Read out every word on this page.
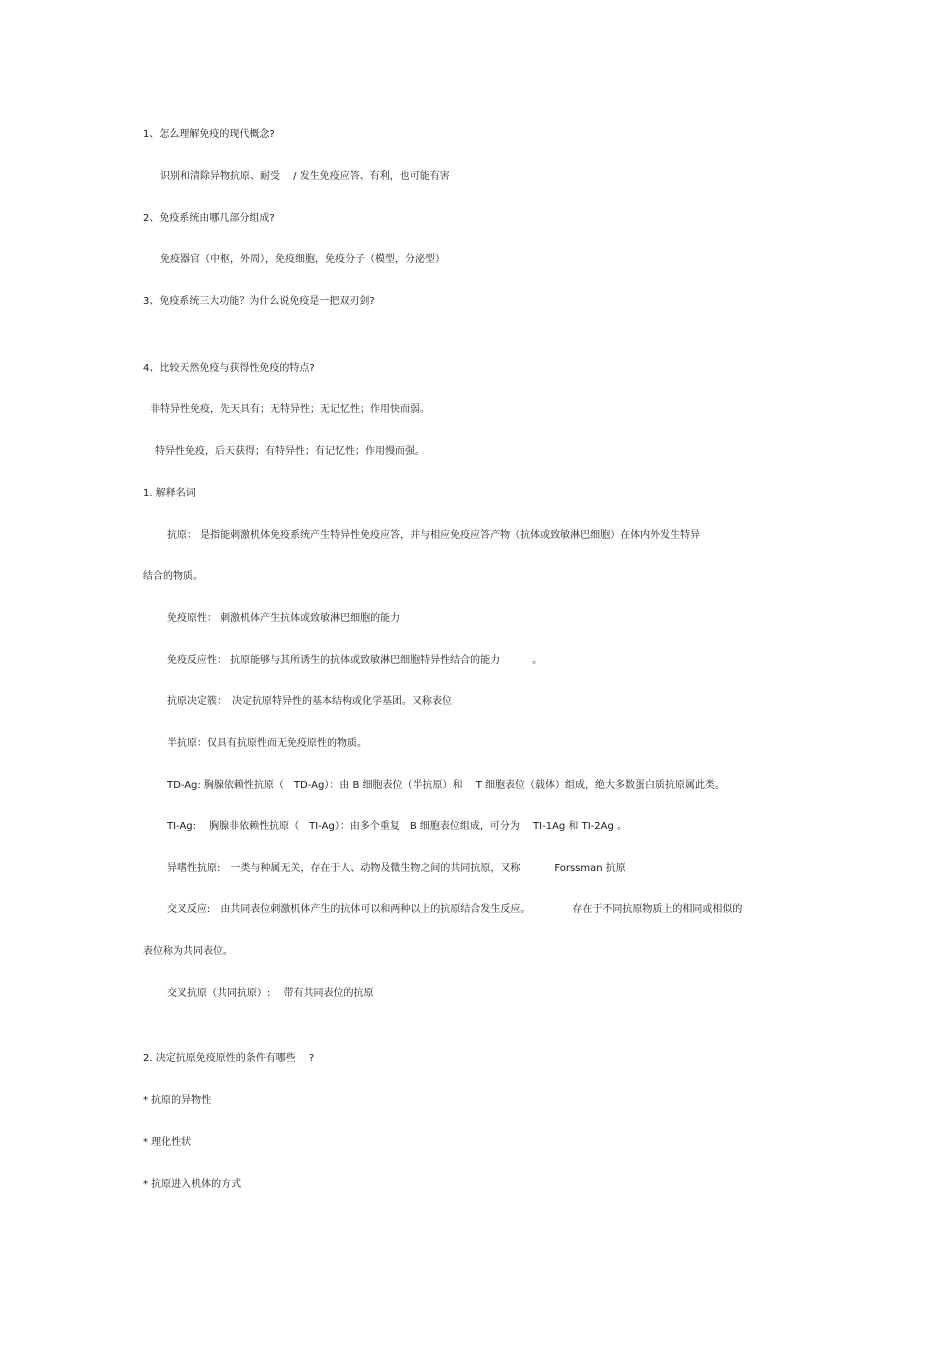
1、怎么理解免疫的现代概念?
识别和清除异物抗原、耐受　 / 发生免疫应答、有利，也可能有害
2、免疫系统由哪几部分组成?
免疫器官（中枢，外周），免疫细胞，免疫分子（模型，分泌型）
3、免疫系统三大功能？为什么说免疫是一把双刃剑?
4、比较天然免疫与获得性免疫的特点?
非特异性免疫，先天具有；无特异性；无记忆性；作用快而弱。
特异性免疫，后天获得；有特异性；有记忆性；作用慢而强。
1. 解释名词
抗原： 是指能刺激机体免疫系统产生特异性免疫应答，并与相应免疫应答产物（抗体或致敏淋巴细胞）在体内外发生特异
结合的物质。
免疫原性： 刺激机体产生抗体或致敏淋巴细胞的能力
免疫反应性： 抗原能够与其所诱生的抗体或致敏淋巴细胞特异性结合的能力	。
抗原决定簇：　决定抗原特异性的基本结构或化学基团。又称表位
半抗原：仅具有抗原性而无免疫原性的物质。
TD-Ag: 胸腺依赖性抗原（　TD-Ag）：由 B 细胞表位（半抗原）和　 T 细胞表位（载体）组成，绝大多数蛋白质抗原属此类。
TI-Ag: 　胸腺非依赖性抗原（　TI-Ag）：由多个重复　B 细胞表位组成，可分为　 TI-1Ag 和 TI-2Ag 。
异嗜性抗原:　一类与种属无关，存在于人、动物及微生物之间的共同抗原，又称	Forssman 抗原
交叉反应:　由共同表位刺激机体产生的抗体可以和两种以上的抗原结合发生反应。	存在于不同抗原物质上的相同或相似的
表位称为共同表位。
交叉抗原（共同抗原）:　 带有共同表位的抗原
2. 决定抗原免疫原性的条件有哪些　 ?
* 抗原的异物性
* 理化性状
* 抗原进入机体的方式
